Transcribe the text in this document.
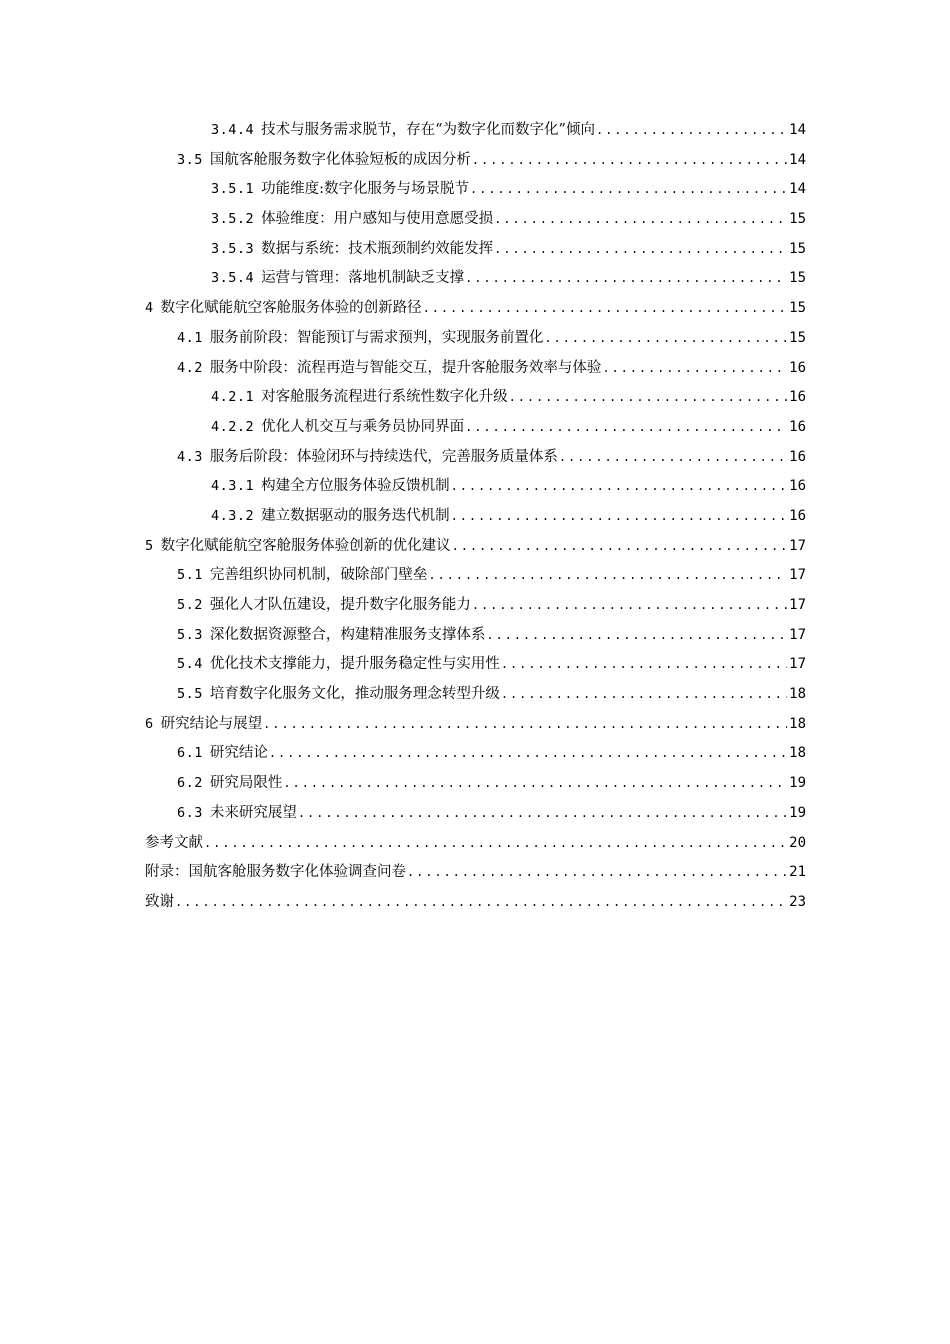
3.4.4 技术与服务需求脱节，存在“为数字化而数字化”倾向 .....	14
3.5 国航客舱服务数字化体验短板的成因分析 .....	14
3.5.1 功能维度:数字化服务与场景脱节 .....	14
3.5.2 体验维度：用户感知与使用意愿受损 .....	15
3.5.3 数据与系统：技术瓶颈制约效能发挥 .....	15
3.5.4 运营与管理：落地机制缺乏支撑 .....	15
4 数字化赋能航空客舱服务体验的创新路径 .....	15
4.1 服务前阶段：智能预订与需求预判，实现服务前置化 .....	15
4.2 服务中阶段：流程再造与智能交互，提升客舱服务效率与体验 .....	16
4.2.1 对客舱服务流程进行系统性数字化升级 .....	16
4.2.2 优化人机交互与乘务员协同界面 .....	16
4.3 服务后阶段：体验闭环与持续迭代，完善服务质量体系 .....	16
4.3.1 构建全方位服务体验反馈机制 .....	16
4.3.2 建立数据驱动的服务迭代机制 .....	16
5 数字化赋能航空客舱服务体验创新的优化建议 .....	17
5.1 完善组织协同机制，破除部门壁垒 .....	17
5.2 强化人才队伍建设，提升数字化服务能力 .....	17
5.3 深化数据资源整合，构建精准服务支撑体系 .....	17
5.4 优化技术支撑能力，提升服务稳定性与实用性 .....	17
5.5 培育数字化服务文化，推动服务理念转型升级 .....	18
6 研究结论与展望 .....	18
6.1 研究结论 .....	18
6.2 研究局限性 .....	19
6.3 未来研究展望 .....	19
参考文献 .....	20
附录：国航客舱服务数字化体验调查问卷 .....	21
致谢 .....	23
